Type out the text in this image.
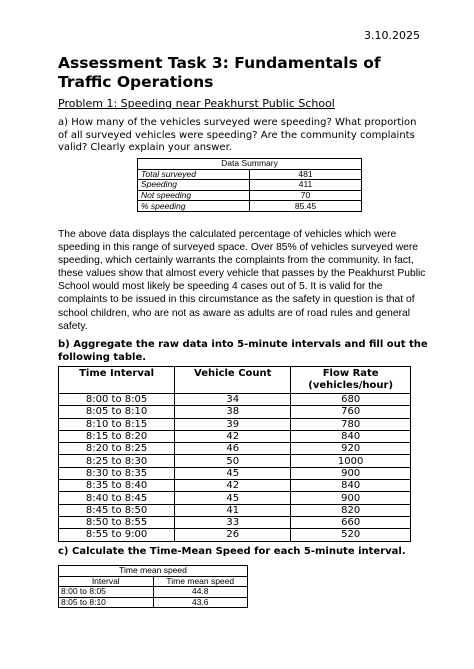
3.10.2025
Assessment Task 3: Fundamentals of Traffic Operations
Problem 1: Speeding near Peakhurst Public School
a) How many of the vehicles surveyed were speeding? What proportion of all surveyed vehicles were speeding? Are the community complaints valid? Clearly explain your answer.
Data Summary	
Total surveyed	481
Speeding	411
Not speeding	70
% speeding	85.45
The above data displays the calculated percentage of vehicles which were speeding in this range of surveyed space. Over 85% of vehicles surveyed were speeding, which certainly warrants the complaints from the community. In fact, these values show that almost every vehicle that passes by the Peakhurst Public School would most likely be speeding 4 cases out of 5. It is valid for the complaints to be issued in this circumstance as the safety in question is that of school children, who are not as aware as adults are of road rules and general safety.
b) Aggregate the raw data into 5-minute intervals and fill out the following table.
Time Interval	Vehicle Count	Flow Rate
(vehicles/hour)
8:00 to 8:05	34	680
8:05 to 8:10	38	760
8:10 to 8:15	39	780
8:15 to 8:20	42	840
8:20 to 8:25	46	920
8:25 to 8:30	50	1000
8:30 to 8:35	45	900
8:35 to 8:40	42	840
8:40 to 8:45	45	900
8:45 to 8:50	41	820
8:50 to 8:55	33	660
8:55 to 9:00	26	520
c) Calculate the Time-Mean Speed for each 5-minute interval.
Time mean speed	
Interval	Time mean speed
8:00 to 8:05	44.8
8:05 to 8:10	43.6
